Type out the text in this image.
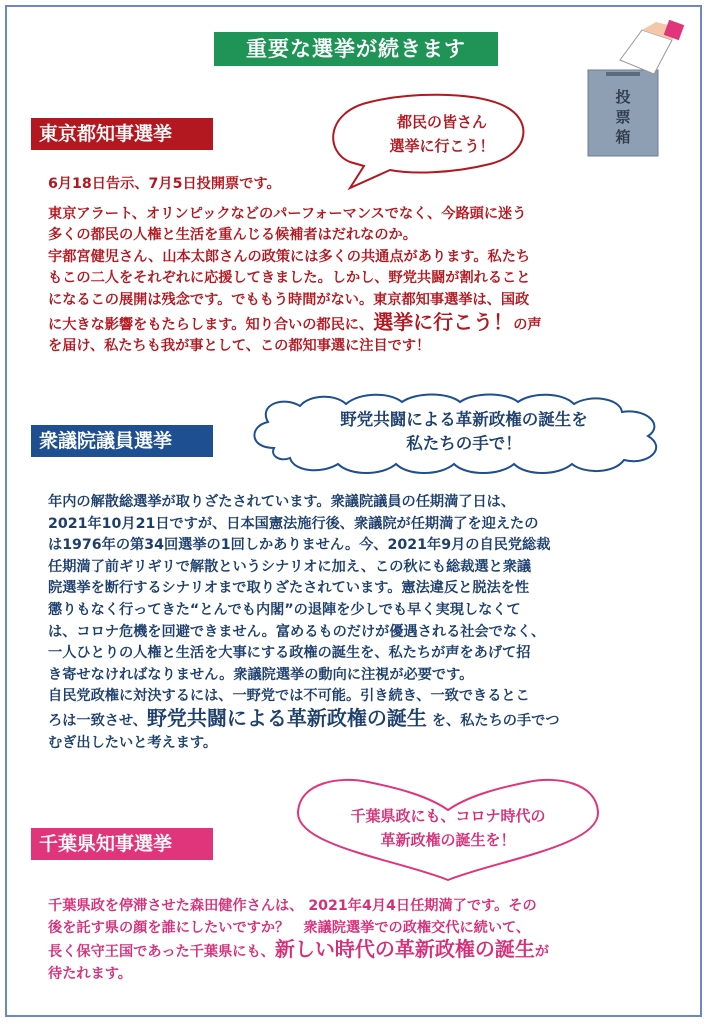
重要な選挙が続きます
投
票
箱
東京都知事選挙
都民の皆さん
選挙に行こう！
6月18日告示、7月5日投開票です。
東京アラート、オリンピックなどのパーフォーマンスでなく、今路頭に迷う
多くの都民の人権と生活を重んじる候補者はだれなのか。
宇都宮健児さん、山本太郎さんの政策には多くの共通点があります。私たち
もこの二人をそれぞれに応援してきました。しかし、野党共闘が割れること
になるこの展開は残念です。でももう時間がない。東京都知事選挙は、国政
に大きな影響をもたらします。知り合いの都民に、選挙に行こう！の声
を届け、私たちも我が事として、この都知事選に注目です！
衆議院議員選挙
野党共闘による革新政権の誕生を
私たちの手で！
年内の解散総選挙が取りざたされています。衆議院議員の任期満了日は、
2021年10月21日ですが、日本国憲法施行後、衆議院が任期満了を迎えたの
は1976年の第34回選挙の1回しかありません。今、2021年9月の自民党総裁
任期満了前ギリギリで解散というシナリオに加え、この秋にも総裁選と衆議
院選挙を断行するシナリオまで取りざたされています。憲法違反と脱法を性
懲りもなく行ってきた“とんでも内閣”の退陣を少しでも早く実現しなくて
は、コロナ危機を回避できません。富めるものだけが優遇される社会でなく、
一人ひとりの人権と生活を大事にする政権の誕生を、私たちが声をあげて招
き寄せなければなりません。衆議院選挙の動向に注視が必要です。
自民党政権に対決するには、一野党では不可能。引き続き、一致できるとこ
ろは一致させ、野党共闘による革新政権の誕生 を、私たちの手でつ
むぎ出したいと考えます。
千葉県知事選挙
千葉県政にも、コロナ時代の
革新政権の誕生を！
千葉県政を停滞させた森田健作さんは、 2021年4月4日任期満了です。その
後を託す県の顔を誰にしたいですか？　衆議院選挙での政権交代に続いて、
長く保守王国であった千葉県にも、新しい時代の革新政権の誕生が
待たれます。
